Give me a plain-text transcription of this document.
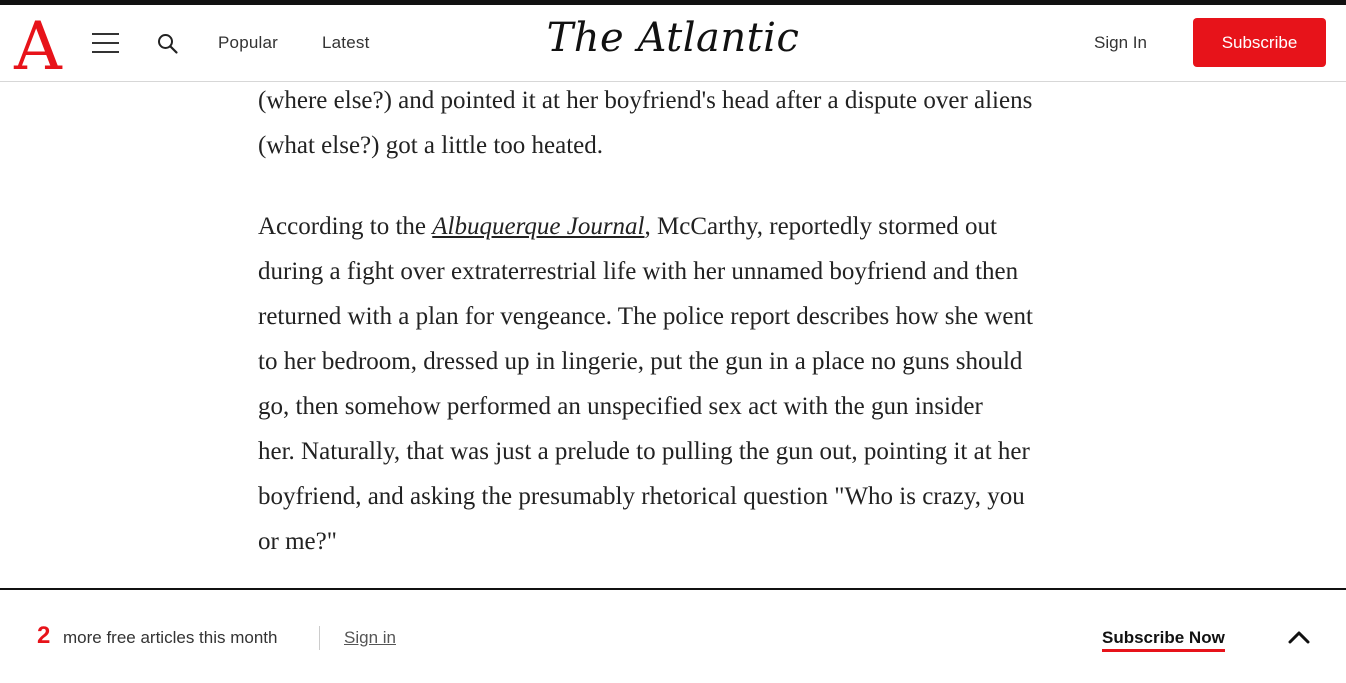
A	Popular	Latest	The Atlantic	Sign In	Subscribe

(where else?) and pointed it at her boyfriend's head after a dispute over aliens
(what else?) got a little too heated.

According to the Albuquerque Journal, McCarthy, reportedly stormed out
during a fight over extraterrestrial life with her unnamed boyfriend and then
returned with a plan for vengeance. The police report describes how she went
to her bedroom, dressed up in lingerie, put the gun in a place no guns should
go, then somehow performed an unspecified sex act with the gun insider
her. Naturally, that was just a prelude to pulling the gun out, pointing it at her
boyfriend, and asking the presumably rhetorical question "Who is crazy, you
or me?"

2 more free articles this month	Sign in	Subscribe Now
